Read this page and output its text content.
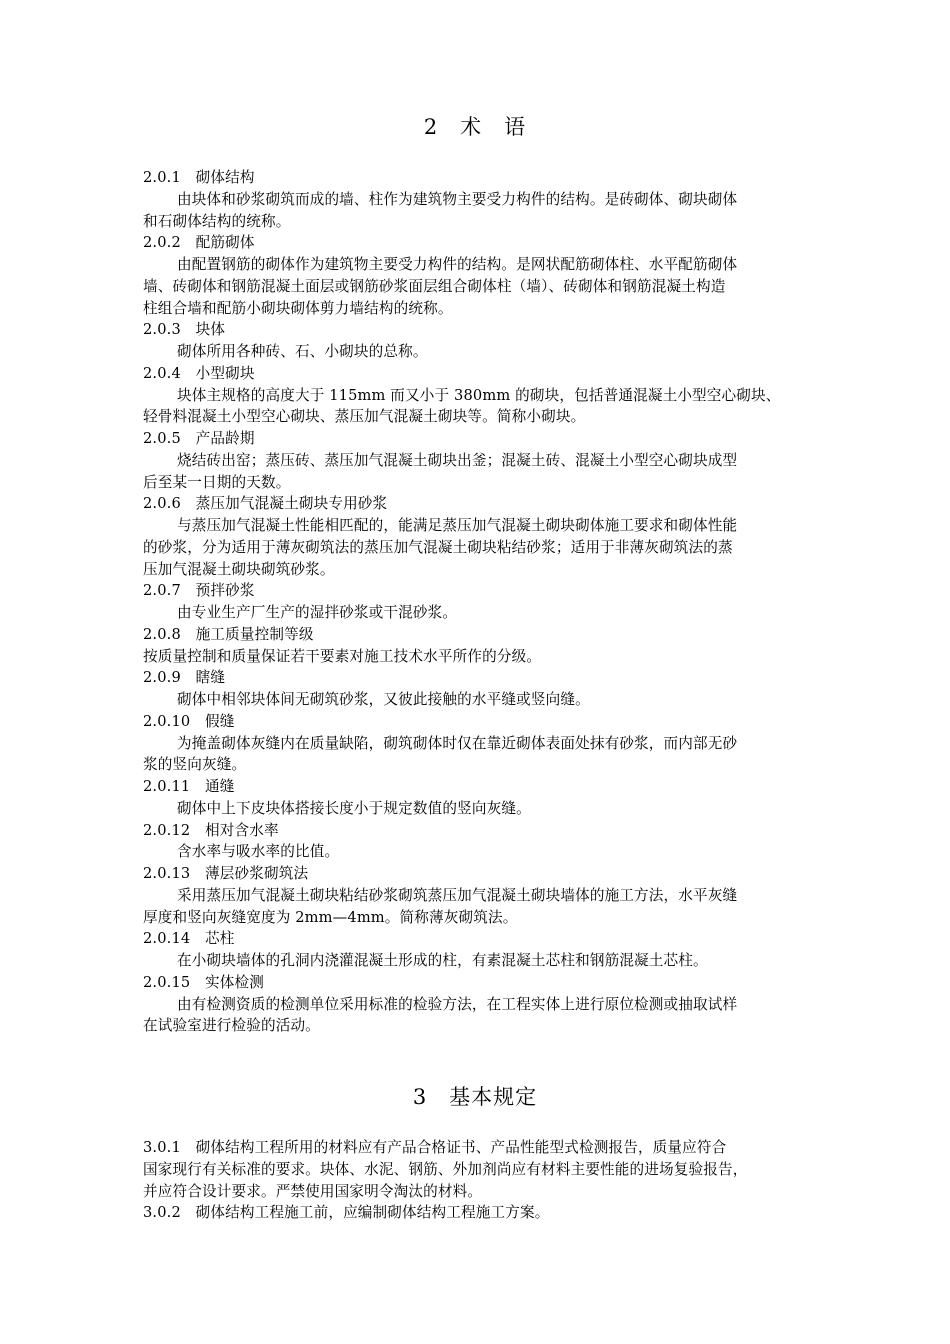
2　术　语
2.0.1　砌体结构
由块体和砂浆砌筑而成的墙、柱作为建筑物主要受力构件的结构。是砖砌体、砌块砌体
和石砌体结构的统称。
2.0.2　配筋砌体
由配置钢筋的砌体作为建筑物主要受力构件的结构。是网状配筋砌体柱、水平配筋砌体
墙、砖砌体和钢筋混凝土面层或钢筋砂浆面层组合砌体柱（墙）、砖砌体和钢筋混凝土构造
柱组合墙和配筋小砌块砌体剪力墙结构的统称。
2.0.3　块体
砌体所用各种砖、石、小砌块的总称。
2.0.4　小型砌块
块体主规格的高度大于 115mm 而又小于 380mm 的砌块，包括普通混凝土小型空心砌块、
轻骨料混凝土小型空心砌块、蒸压加气混凝土砌块等。简称小砌块。
2.0.5　产品龄期
烧结砖出窑；蒸压砖、蒸压加气混凝土砌块出釜；混凝土砖、混凝土小型空心砌块成型
后至某一日期的天数。
2.0.6　蒸压加气混凝土砌块专用砂浆
与蒸压加气混凝土性能相匹配的，能满足蒸压加气混凝土砌块砌体施工要求和砌体性能
的砂浆，分为适用于薄灰砌筑法的蒸压加气混凝土砌块粘结砂浆；适用于非薄灰砌筑法的蒸
压加气混凝土砌块砌筑砂浆。
2.0.7　预拌砂浆
由专业生产厂生产的湿拌砂浆或干混砂浆。
2.0.8　施工质量控制等级
按质量控制和质量保证若干要素对施工技术水平所作的分级。
2.0.9　瞎缝
砌体中相邻块体间无砌筑砂浆，又彼此接触的水平缝或竖向缝。
2.0.10　假缝
为掩盖砌体灰缝内在质量缺陷，砌筑砌体时仅在靠近砌体表面处抹有砂浆，而内部无砂
浆的竖向灰缝。
2.0.11　通缝
砌体中上下皮块体搭接长度小于规定数值的竖向灰缝。
2.0.12　相对含水率
含水率与吸水率的比值。
2.0.13　薄层砂浆砌筑法
采用蒸压加气混凝土砌块粘结砂浆砌筑蒸压加气混凝土砌块墙体的施工方法，水平灰缝
厚度和竖向灰缝宽度为 2mm—4mm。简称薄灰砌筑法。
2.0.14　芯柱
在小砌块墙体的孔洞内浇灌混凝土形成的柱，有素混凝土芯柱和钢筋混凝土芯柱。
2.0.15　实体检测
由有检测资质的检测单位采用标准的检验方法，在工程实体上进行原位检测或抽取试样
在试验室进行检验的活动。
3　基本规定
3.0.1　砌体结构工程所用的材料应有产品合格证书、产品性能型式检测报告，质量应符合
国家现行有关标准的要求。块体、水泥、钢筋、外加剂尚应有材料主要性能的进场复验报告，
并应符合设计要求。严禁使用国家明令淘汰的材料。
3.0.2　砌体结构工程施工前，应编制砌体结构工程施工方案。
